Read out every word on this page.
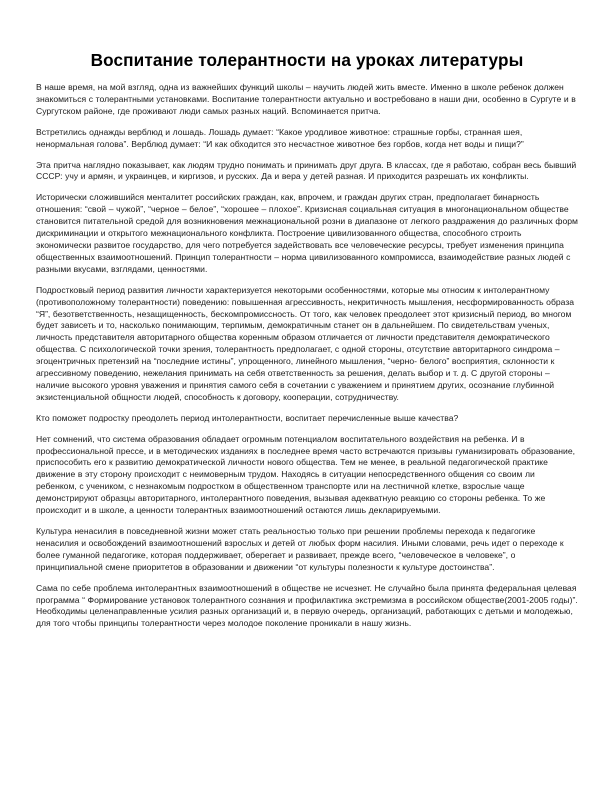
Воспитание толерантности на уроках литературы

В наше время, на мой взгляд, одна из важнейших функций школы – научить людей жить вместе. Именно в школе ребенок должен знакомиться с толерантными установками. Воспитание толерантности актуально и востребовано в наши дни, особенно в Сургуте и в Сургутском районе, где проживают люди самых разных наций. Вспоминается притча.

Встретились однажды верблюд и лошадь. Лошадь думает: “Какое уродливое животное: страшные горбы, странная шея, ненормальная голова”. Верблюд думает: “И как обходится это несчастное животное без горбов, когда нет воды и пищи?”

Эта притча наглядно показывает, как людям трудно понимать и принимать друг друга. В классах, где я работаю, собран весь бывший СССР: учу и армян, и украинцев, и киргизов, и русских. Да и вера у детей разная. И приходится разрешать их конфликты.

Исторически сложившийся менталитет российских граждан, как, впрочем, и граждан других стран, предполагает бинарность отношения: “свой – чужой”, “черное – белое”, “хорошее – плохое”. Кризисная социальная ситуация в многонациональном обществе становится питательной средой для возникновения межнациональной розни в диапазоне от легкого раздражения до различных форм дискриминации и открытого межнационального конфликта. Построение цивилизованного общества, способного строить экономически развитое государство, для чего потребуется задействовать все человеческие ресурсы, требует изменения принципа общественных взаимоотношений. Принцип толерантности – норма цивилизованного компромисса, взаимодействие разных людей с разными вкусами, взглядами, ценностями.

Подростковый период развития личности характеризуется некоторыми особенностями, которые мы относим к интолерантному (противоположному толерантности) поведению: повышенная агрессивность, некритичность мышления, несформированность образа “Я”, безответственность, незащищенность, бескомпромиссность. От того, как человек преодолеет этот кризисный период, во многом будет зависеть и то, насколько понимающим, терпимым, демократичным станет он в дальнейшем. По свидетельствам ученых, личность представителя авторитарного общества коренным образом отличается от личности представителя демократического общества. С психологической точки зрения, толерантность предполагает, с одной стороны, отсутствие авторитарного синдрома – эгоцентричных претензий на “последние истины”, упрощенного, линейного мышления, “черно- белого” восприятия, склонности к агрессивному поведению, нежелания принимать на себя ответственность за решения, делать выбор и т. д. С другой стороны – наличие высокого уровня уважения и принятия самого себя в сочетании с уважением и принятием других, осознание глубинной экзистенциальной общности людей, способность к договору, кооперации, сотрудничеству.

Кто поможет подростку преодолеть период интолерантности, воспитает перечисленные выше качества?

Нет сомнений, что система образования обладает огромным потенциалом воспитательного воздействия на ребенка. И в профессиональной прессе, и в методических изданиях в последнее время часто встречаются призывы гуманизировать образование, приспособить его к развитию демократической личности нового общества. Тем не менее, в реальной педагогической практике движение в эту сторону происходит с неимоверным трудом. Находясь в ситуации непосредственного общения со своим ли ребенком, с учеником, с незнакомым подростком в общественном транспорте или на лестничной клетке, взрослые чаще демонстрируют образцы авторитарного, интолерантного поведения, вызывая адекватную реакцию со стороны ребенка. То же происходит и в школе, а ценности толерантных взаимоотношений остаются лишь декларируемыми.

Культура ненасилия в повседневной жизни может стать реальностью только при решении проблемы перехода к педагогике ненасилия и освобождений взаимоотношений взрослых и детей от любых форм насилия. Иными словами, речь идет о переходе к более гуманной педагогике, которая поддерживает, оберегает и развивает, прежде всего, “человеческое в человеке”, о принципиальной смене приоритетов в образовании и движении “от культуры полезности к культуре достоинства”.

Сама по себе проблема интолерантных взаимоотношений в обществе не исчезнет. Не случайно была принята федеральная целевая программа “ Формирование установок толерантного сознания и профилактика экстремизма в российском обществе(2001-2005 годы)”. Необходимы целенаправленные усилия разных организаций и, в первую очередь, организаций, работающих с детьми и молодежью, для того чтобы принципы толерантности через молодое поколение проникали в нашу жизнь.
